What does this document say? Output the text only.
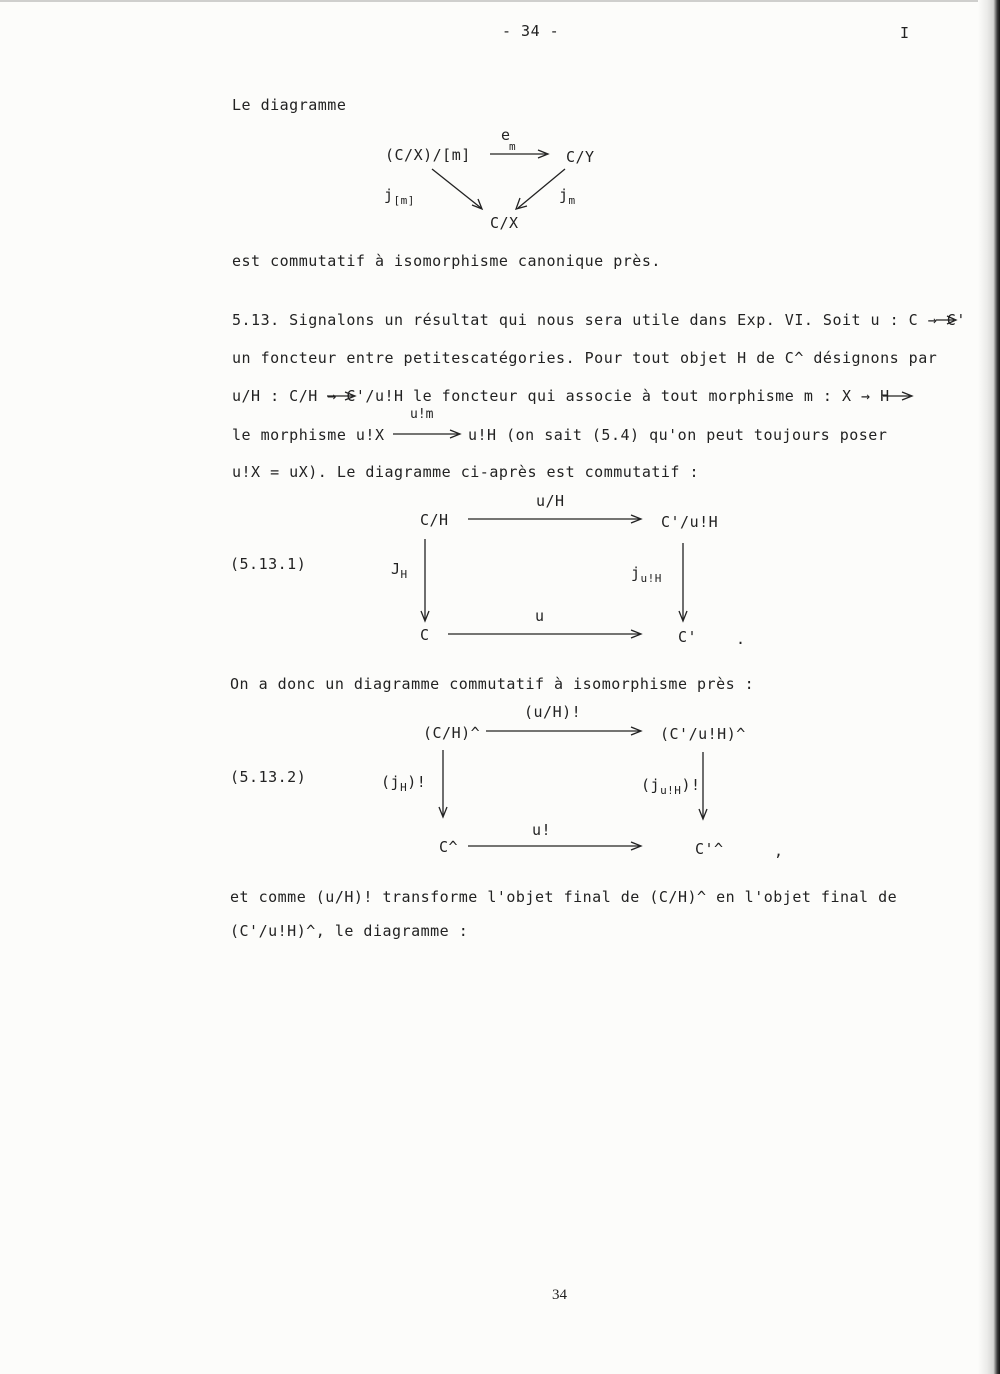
- 34 -	I
Le diagramme
(C/X)/[m]
e
m
C/Y
$j_{[m]}$	$j_m$
C/X
est commutatif à isomorphisme canonique près.
5.13. Signalons un résultat qui nous sera utile dans Exp. VI. Soit u : C → C'
un foncteur entre petitescatégories. Pour tout objet H de C^ désignons par
u/H : C/H → C'/u!H le foncteur qui associe à tout morphisme m : X → H
le morphisme u!X
u!m
u!H (on sait (5.4) qu'on peut toujours poser
u!X = uX). Le diagramme ci-après est commutatif :
(5.13.1)
u/H
C/H	C'/u!H
$J_H$	$j_{u!H}$
u
C	C'	.
On a donc un diagramme commutatif à isomorphisme près :
(u/H)!
(C/H)^	(C'/u!H)^
(5.13.2)	$(j_H)$!	$(j_{u!H})$!
u!
C^	C'^	,
et comme (u/H)! transforme l'objet final de (C/H)^ en l'objet final de
(C'/u!H)^, le diagramme :
34
